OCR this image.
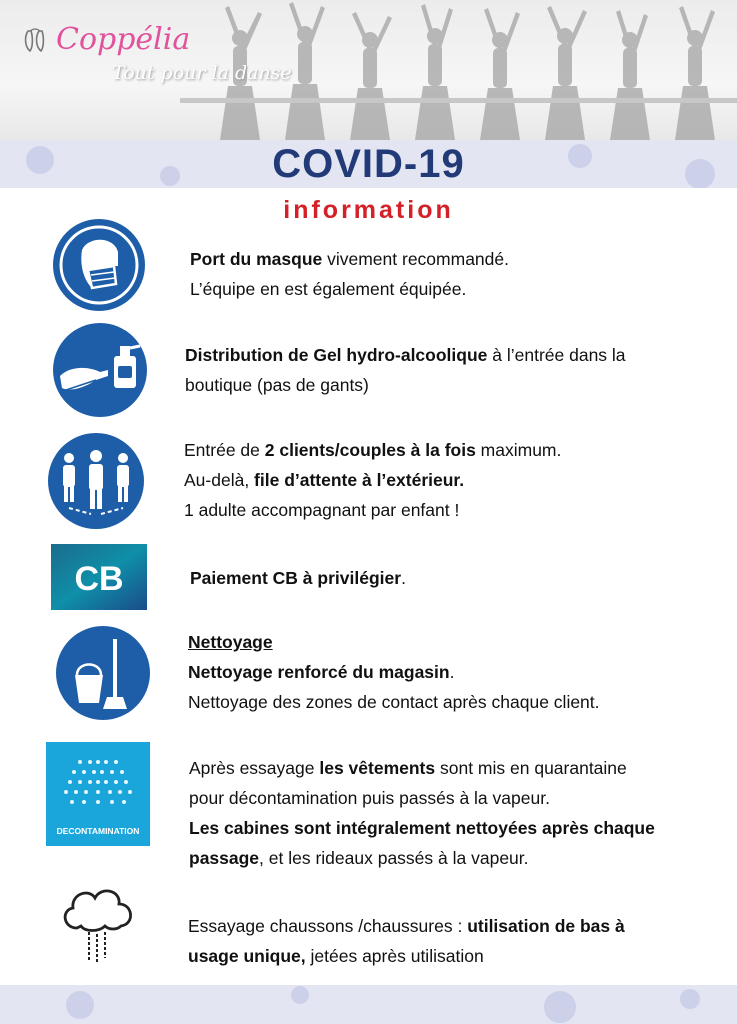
Coppélia
Tout pour la danse
COVID-19
information
Port du masque vivement recommandé.
L’équipe en est également équipée.
Distribution de Gel hydro-alcoolique à l’entrée dans la
boutique (pas de gants)
Entrée de 2 clients/couples à la fois maximum.
Au-delà, file d’attente à l’extérieur.
1 adulte accompagnant par enfant !
CB	Paiement CB à privilégier.
Nettoyage
Nettoyage renforcé du magasin.
Nettoyage des zones de contact après chaque client.
DECONTAMINATION
Après essayage les vêtements sont mis en quarantaine
pour décontamination puis passés à la vapeur.
Les cabines sont intégralement nettoyées après chaque
passage, et les rideaux passés à la vapeur.
Essayage chaussons /chaussures : utilisation de bas à
usage unique, jetées après utilisation
